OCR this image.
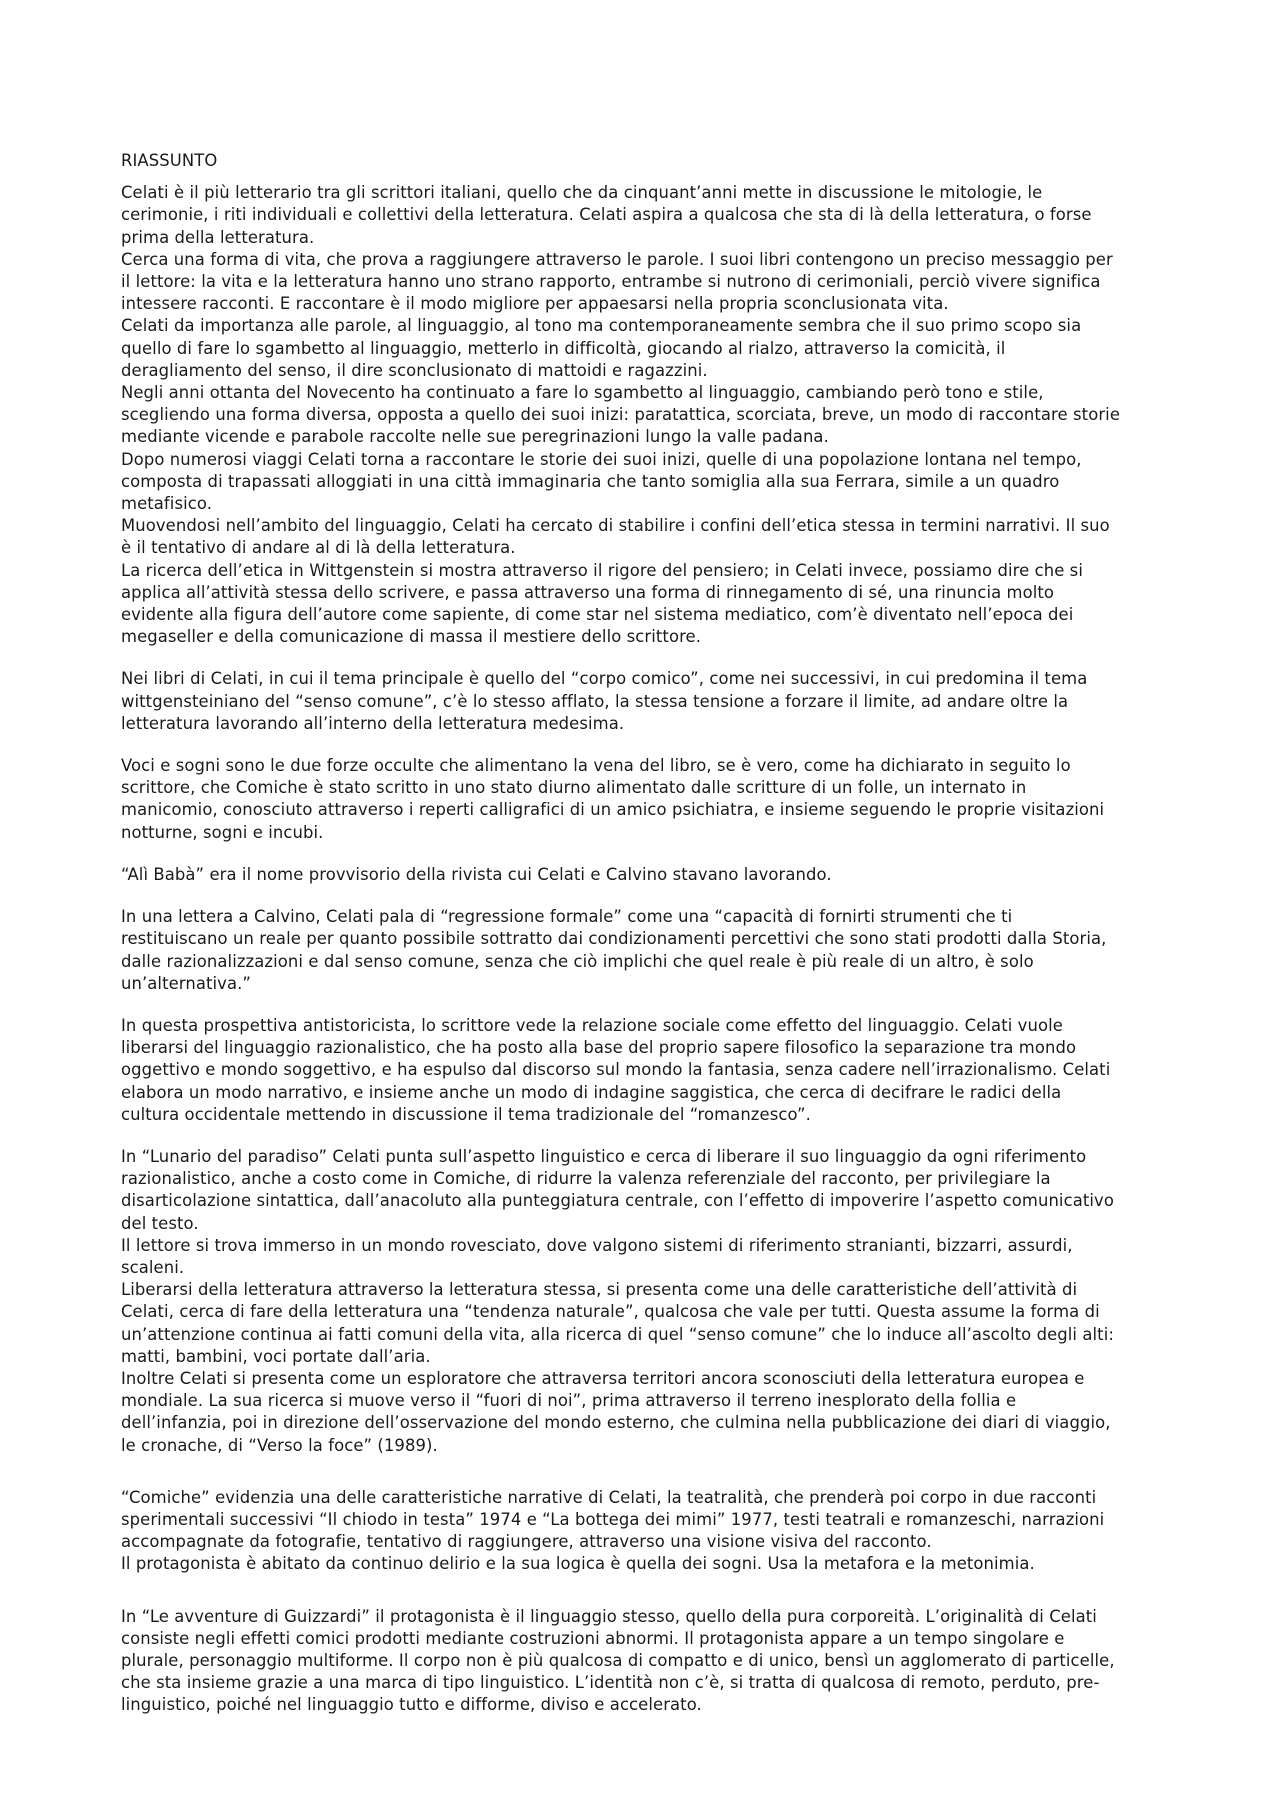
RIASSUNTO
Celati è il più letterario tra gli scrittori italiani, quello che da cinquant’anni mette in discussione le mitologie, le
cerimonie, i riti individuali e collettivi della letteratura. Celati aspira a qualcosa che sta di là della letteratura, o forse
prima della letteratura.
Cerca una forma di vita, che prova a raggiungere attraverso le parole. I suoi libri contengono un preciso messaggio per
il lettore: la vita e la letteratura hanno uno strano rapporto, entrambe si nutrono di cerimoniali, perciò vivere significa
intessere racconti. E raccontare è il modo migliore per appaesarsi nella propria sconclusionata vita.
Celati da importanza alle parole, al linguaggio, al tono ma contemporaneamente sembra che il suo primo scopo sia
quello di fare lo sgambetto al linguaggio, metterlo in difficoltà, giocando al rialzo, attraverso la comicità, il
deragliamento del senso, il dire sconclusionato di mattoidi e ragazzini.
Negli anni ottanta del Novecento ha continuato a fare lo sgambetto al linguaggio, cambiando però tono e stile,
scegliendo una forma diversa, opposta a quello dei suoi inizi: paratattica, scorciata, breve, un modo di raccontare storie
mediante vicende e parabole raccolte nelle sue peregrinazioni lungo la valle padana.
Dopo numerosi viaggi Celati torna a raccontare le storie dei suoi inizi, quelle di una popolazione lontana nel tempo,
composta di trapassati alloggiati in una città immaginaria che tanto somiglia alla sua Ferrara, simile a un quadro
metafisico.
Muovendosi nell’ambito del linguaggio, Celati ha cercato di stabilire i confini dell’etica stessa in termini narrativi. Il suo
è il tentativo di andare al di là della letteratura.
La ricerca dell’etica in Wittgenstein si mostra attraverso il rigore del pensiero; in Celati invece, possiamo dire che si
applica all’attività stessa dello scrivere, e passa attraverso una forma di rinnegamento di sé, una rinuncia molto
evidente alla figura dell’autore come sapiente, di come star nel sistema mediatico, com’è diventato nell’epoca dei
megaseller e della comunicazione di massa il mestiere dello scrittore.
Nei libri di Celati, in cui il tema principale è quello del “corpo comico”, come nei successivi, in cui predomina il tema
wittgensteiniano del “senso comune”, c’è lo stesso afflato, la stessa tensione a forzare il limite, ad andare oltre la
letteratura lavorando all’interno della letteratura medesima.
Voci e sogni sono le due forze occulte che alimentano la vena del libro, se è vero, come ha dichiarato in seguito lo
scrittore, che Comiche è stato scritto in uno stato diurno alimentato dalle scritture di un folle, un internato in
manicomio, conosciuto attraverso i reperti calligrafici di un amico psichiatra, e insieme seguendo le proprie visitazioni
notturne, sogni e incubi.
“Alì Babà” era il nome provvisorio della rivista cui Celati e Calvino stavano lavorando.
In una lettera a Calvino, Celati pala di “regressione formale” come una “capacità di fornirti strumenti che ti
restituiscano un reale per quanto possibile sottratto dai condizionamenti percettivi che sono stati prodotti dalla Storia,
dalle razionalizzazioni e dal senso comune, senza che ciò implichi che quel reale è più reale di un altro, è solo
un’alternativa.”
In questa prospettiva antistoricista, lo scrittore vede la relazione sociale come effetto del linguaggio. Celati vuole
liberarsi del linguaggio razionalistico, che ha posto alla base del proprio sapere filosofico la separazione tra mondo
oggettivo e mondo soggettivo, e ha espulso dal discorso sul mondo la fantasia, senza cadere nell’irrazionalismo. Celati
elabora un modo narrativo, e insieme anche un modo di indagine saggistica, che cerca di decifrare le radici della
cultura occidentale mettendo in discussione il tema tradizionale del “romanzesco”.
In “Lunario del paradiso” Celati punta sull’aspetto linguistico e cerca di liberare il suo linguaggio da ogni riferimento
razionalistico, anche a costo come in Comiche, di ridurre la valenza referenziale del racconto, per privilegiare la
disarticolazione sintattica, dall’anacoluto alla punteggiatura centrale, con l’effetto di impoverire l’aspetto comunicativo
del testo.
Il lettore si trova immerso in un mondo rovesciato, dove valgono sistemi di riferimento stranianti, bizzarri, assurdi,
scaleni.
Liberarsi della letteratura attraverso la letteratura stessa, si presenta come una delle caratteristiche dell’attività di
Celati, cerca di fare della letteratura una “tendenza naturale”, qualcosa che vale per tutti. Questa assume la forma di
un’attenzione continua ai fatti comuni della vita, alla ricerca di quel “senso comune” che lo induce all’ascolto degli alti:
matti, bambini, voci portate dall’aria.
Inoltre Celati si presenta come un esploratore che attraversa territori ancora sconosciuti della letteratura europea e
mondiale. La sua ricerca si muove verso il “fuori di noi”, prima attraverso il terreno inesplorato della follia e
dell’infanzia, poi in direzione dell’osservazione del mondo esterno, che culmina nella pubblicazione dei diari di viaggio,
le cronache, di “Verso la foce” (1989).
“Comiche” evidenzia una delle caratteristiche narrative di Celati, la teatralità, che prenderà poi corpo in due racconti
sperimentali successivi “Il chiodo in testa” 1974 e “La bottega dei mimi” 1977, testi teatrali e romanzeschi, narrazioni
accompagnate da fotografie, tentativo di raggiungere, attraverso una visione visiva del racconto.
Il protagonista è abitato da continuo delirio e la sua logica è quella dei sogni. Usa la metafora e la metonimia.
In “Le avventure di Guizzardi” il protagonista è il linguaggio stesso, quello della pura corporeità. L’originalità di Celati
consiste negli effetti comici prodotti mediante costruzioni abnormi. Il protagonista appare a un tempo singolare e
plurale, personaggio multiforme. Il corpo non è più qualcosa di compatto e di unico, bensì un agglomerato di particelle,
che sta insieme grazie a una marca di tipo linguistico. L’identità non c’è, si tratta di qualcosa di remoto, perduto, pre-
linguistico, poiché nel linguaggio tutto e difforme, diviso e accelerato.
